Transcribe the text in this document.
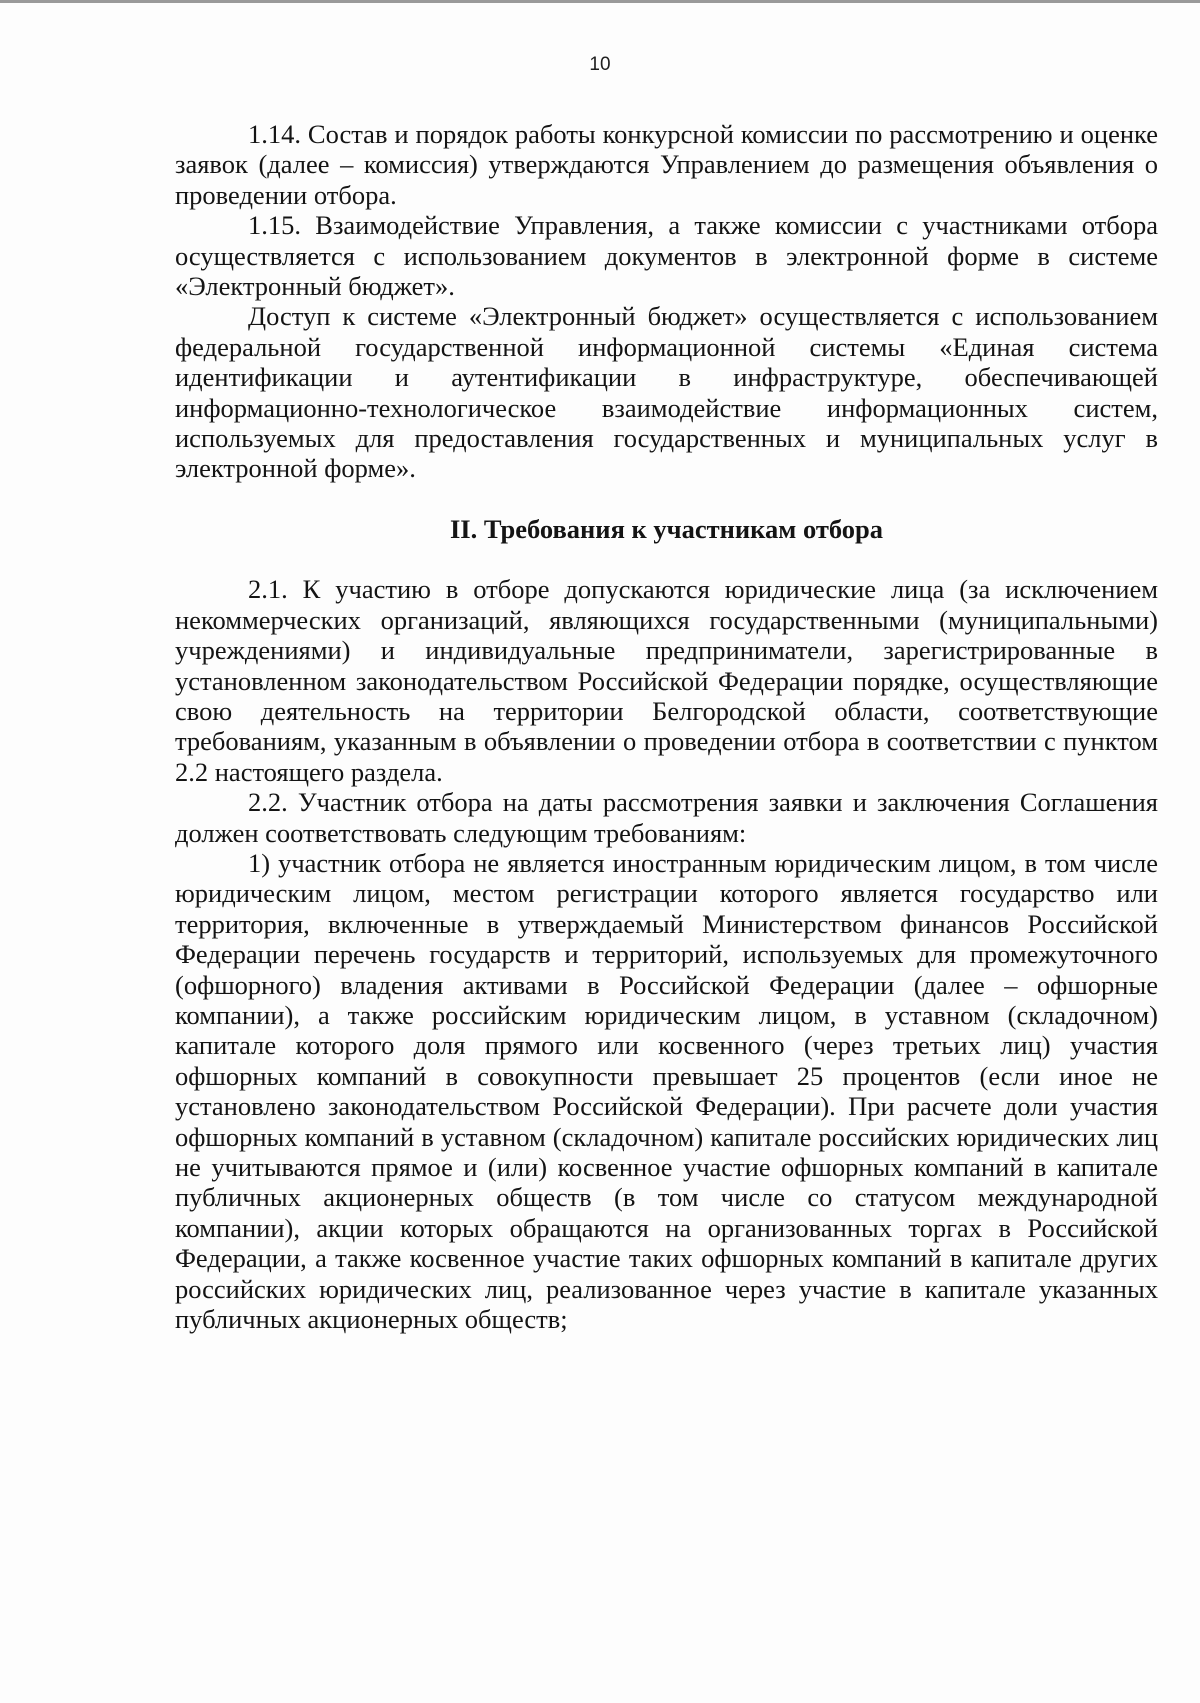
10

1.14. Состав и порядок работы конкурсной комиссии по рассмотрению и оценке заявок (далее – комиссия) утверждаются Управлением до размещения объявления о проведении отбора.

1.15. Взаимодействие Управления, а также комиссии с участниками отбора осуществляется с использованием документов в электронной форме в системе «Электронный бюджет».

Доступ к системе «Электронный бюджет» осуществляется с использованием федеральной государственной информационной системы «Единая система идентификации и аутентификации в инфраструктуре, обеспечивающей информационно-технологическое взаимодействие информационных систем, используемых для предоставления государственных и муниципальных услуг в электронной форме».

II. Требования к участникам отбора

2.1. К участию в отборе допускаются юридические лица (за исключением некоммерческих организаций, являющихся государственными (муниципальными) учреждениями) и индивидуальные предприниматели, зарегистрированные в установленном законодательством Российской Федерации порядке, осуществляющие свою деятельность на территории Белгородской области, соответствующие требованиям, указанным в объявлении о проведении отбора в соответствии с пунктом 2.2 настоящего раздела.

2.2. Участник отбора на даты рассмотрения заявки и заключения Соглашения должен соответствовать следующим требованиям:

1) участник отбора не является иностранным юридическим лицом, в том числе юридическим лицом, местом регистрации которого является государство или территория, включенные в утверждаемый Министерством финансов Российской Федерации перечень государств и территорий, используемых для промежуточного (офшорного) владения активами в Российской Федерации (далее – офшорные компании), а также российским юридическим лицом, в уставном (складочном) капитале которого доля прямого или косвенного (через третьих лиц) участия офшорных компаний в совокупности превышает 25 процентов (если иное не установлено законодательством Российской Федерации). При расчете доли участия офшорных компаний в уставном (складочном) капитале российских юридических лиц не учитываются прямое и (или) косвенное участие офшорных компаний в капитале публичных акционерных обществ (в том числе со статусом международной компании), акции которых обращаются на организованных торгах в Российской Федерации, а также косвенное участие таких офшорных компаний в капитале других российских юридических лиц, реализованное через участие в капитале указанных публичных акционерных обществ;
